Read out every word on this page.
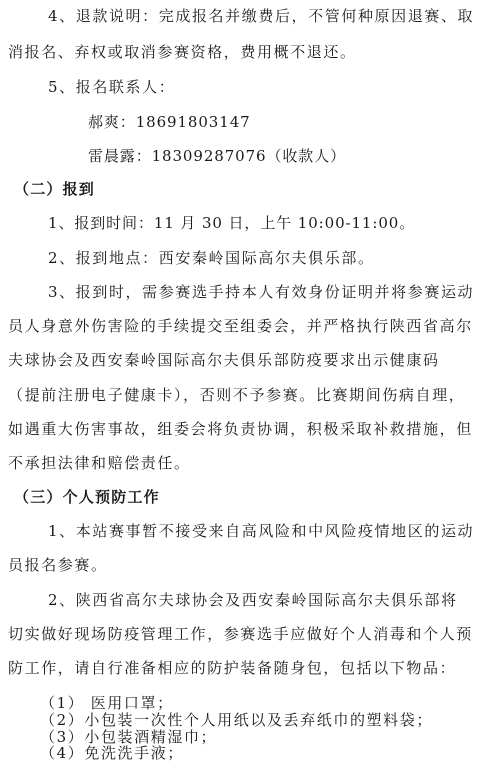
4、退款说明：完成报名并缴费后，不管何种原因退赛、取
消报名、弃权或取消参赛资格，费用概不退还。
5、报名联系人：
郝爽：18691803147
雷晨露：18309287076（收款人）
（二）报到
1、报到时间：11 月 30 日，上午 10:00-11:00。
2、报到地点：西安秦岭国际高尔夫俱乐部。
3、报到时，需参赛选手持本人有效身份证明并将参赛运动
员人身意外伤害险的手续提交至组委会，并严格执行陕西省高尔
夫球协会及西安秦岭国际高尔夫俱乐部防疫要求出示健康码
（提前注册电子健康卡），否则不予参赛。比赛期间伤病自理，
如遇重大伤害事故，组委会将负责协调，积极采取补救措施，但
不承担法律和赔偿责任。
（三）个人预防工作
1、本站赛事暂不接受来自高风险和中风险疫情地区的运动
员报名参赛。
2、陕西省高尔夫球协会及西安秦岭国际高尔夫俱乐部将
切实做好现场防疫管理工作，参赛选手应做好个人消毒和个人预
防工作，请自行准备相应的防护装备随身包，包括以下物品：
（1） 医用口罩；
（2）小包装一次性个人用纸以及丢弃纸巾的塑料袋；
（3）小包装酒精湿巾；
（4）免洗洗手液；
